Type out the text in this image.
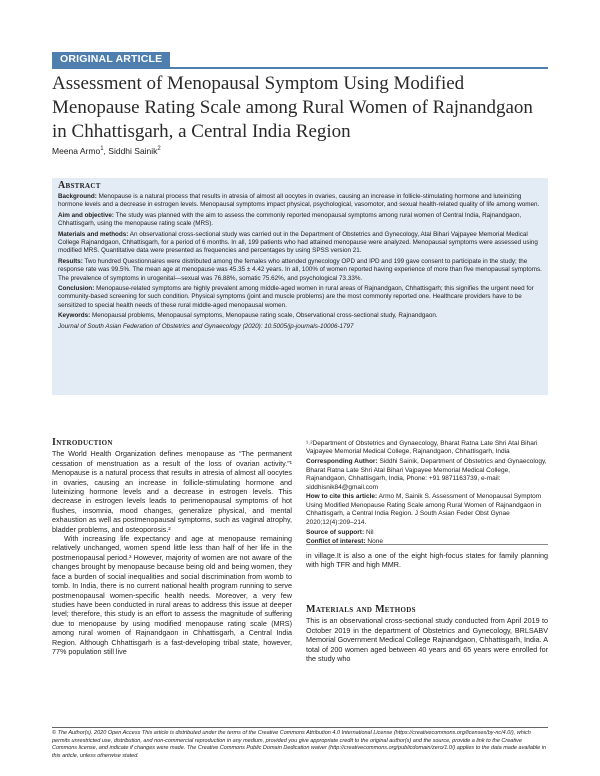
ORIGINAL ARTICLE
Assessment of Menopausal Symptom Using Modified Menopause Rating Scale among Rural Women of Rajnandgaon in Chhattisgarh, a Central India Region
Meena Armo$^1$, Siddhi Sainik$^2$
Abstract

Background: Menopause is a natural process that results in atresia of almost all oocytes in ovaries, causing an increase in follicle-stimulating hormone and luteinizing hormone levels and a decrease in estrogen levels. Menopausal symptoms impact physical, psychological, vasomotor, and sexual health-related quality of life among women.

Aim and objective: The study was planned with the aim to assess the commonly reported menopausal symptoms among rural women of Central India, Rajnandgaon, Chhattisgarh, using the menopause rating scale (MRS).

Materials and methods: An observational cross-sectional study was carried out in the Department of Obstetrics and Gynecology, Atal Bihari Vajpayee Memorial Medical College Rajnandgaon, Chhattisgarh, for a period of 6 months. In all, 199 patients who had attained menopause were analyzed. Menopausal symptoms were assessed using modified MRS. Quantitative data were presented as frequencies and percentages by using SPSS version 21.

Results: Two hundred Questionnaires were distributed among the females who attended gynecology OPD and IPD and 199 gave consent to participate in the study; the response rate was 99.5%. The mean age at menopause was 45.35 ± 4.42 years. In all, 100% of women reported having experience of more than five menopausal symptoms. The prevalence of symptoms in urogenital—sexual was 76.88%, somatic 75.62%, and psychological 73.33%.

Conclusion: Menopause-related symptoms are highly prevalent among middle-aged women in rural areas of Rajnandgaon, Chhattisgarh; this signifies the urgent need for community-based screening for such condition. Physical symptoms (joint and muscle problems) are the most commonly reported one. Healthcare providers have to be sensitized to special health needs of these rural middle-aged menopausal women.

Keywords: Menopausal problems, Menopausal symptoms, Menopause rating scale, Observational cross-sectional study, Rajnandgaon.

Journal of South Asian Federation of Obstetrics and Gynaecology (2020): 10.5005/jp-journals-10006-1797

Introduction

The World Health Organization defines menopause as “The permanent cessation of menstruation as a result of the loss of ovarian activity.”¹ Menopause is a natural process that results in atresia of almost all oocytes in ovaries, causing an increase in follicle-stimulating hormone and luteinizing hormone levels and a decrease in estrogen levels. This decrease in estrogen levels leads to perimenopausal symptoms of hot flushes, insomnia, mood changes, generalize physical, and mental exhaustion as well as postmenopausal symptoms, such as vaginal atrophy, bladder problems, and osteoporosis.²

With increasing life expectancy and age at menopause remaining relatively unchanged, women spend little less than half of her life in the postmenopausal period.³ However, majority of women are not aware of the changes brought by menopause because being old and being women, they face a burden of social inequalities and social discrimination from womb to tomb. In India, there is no current national health program running to serve postmenopausal women-specific health needs. Moreover, a very few studies have been conducted in rural areas to address this issue at deeper level; therefore, this study is an effort to assess the magnitude of suffering due to menopause by using modified menopause rating scale (MRS) among rural women of Rajnandgaon in Chhattisgarh, a Central India Region. Although Chhattisgarh is a fast-developing tribal state, however, 77% population still live

¹˒²Department of Obstetrics and Gynaecology, Bharat Ratna Late Shri Atal Bihari Vajpayee Memorial Medical College, Rajnandgaon, Chhattisgarh, India

Corresponding Author: Siddhi Sainik, Department of Obstetrics and Gynaecology, Bharat Ratna Late Shri Atal Bihari Vajpayee Memorial Medical College, Rajnandgaon, Chhattisgarh, India, Phone: +91 9871163739, e-mail: siddhisnik84@gmail.com

How to cite this article: Armo M, Sainik S. Assessment of Menopausal Symptom Using Modified Menopause Rating Scale among Rural Women of Rajnandgaon in Chhattisgarh, a Central India Region. J South Asian Feder Obst Gynae 2020;12(4):209–214.

Source of support: Nil

Conflict of interest: None

in village.It is also a one of the eight high-focus states for family planning with high TFR and high MMR.

Materials and Methods

This is an observational cross-sectional study conducted from April 2019 to October 2019 in the department of Obstetrics and Gynecology, BRLSABV Memorial Government Medical College Rajnandgaon, Chhattisgarh, India. A total of 200 women aged between 40 years and 65 years were enrolled for the study who

© The Author(s). 2020 Open Access This article is distributed under the terms of the Creative Commons Attribution 4.0 International License (https://creativecommons.org/licenses/by-nc/4.0/), which permits unrestricted use, distribution, and non-commercial reproduction in any medium, provided you give appropriate credit to the original author(s) and the source, provide a link to the Creative Commons license, and indicate if changes were made. The Creative Commons Public Domain Dedication waiver (http://creativecommons.org/publicdomain/zero/1.0/) applies to the data made available in this article, unless otherwise stated.
